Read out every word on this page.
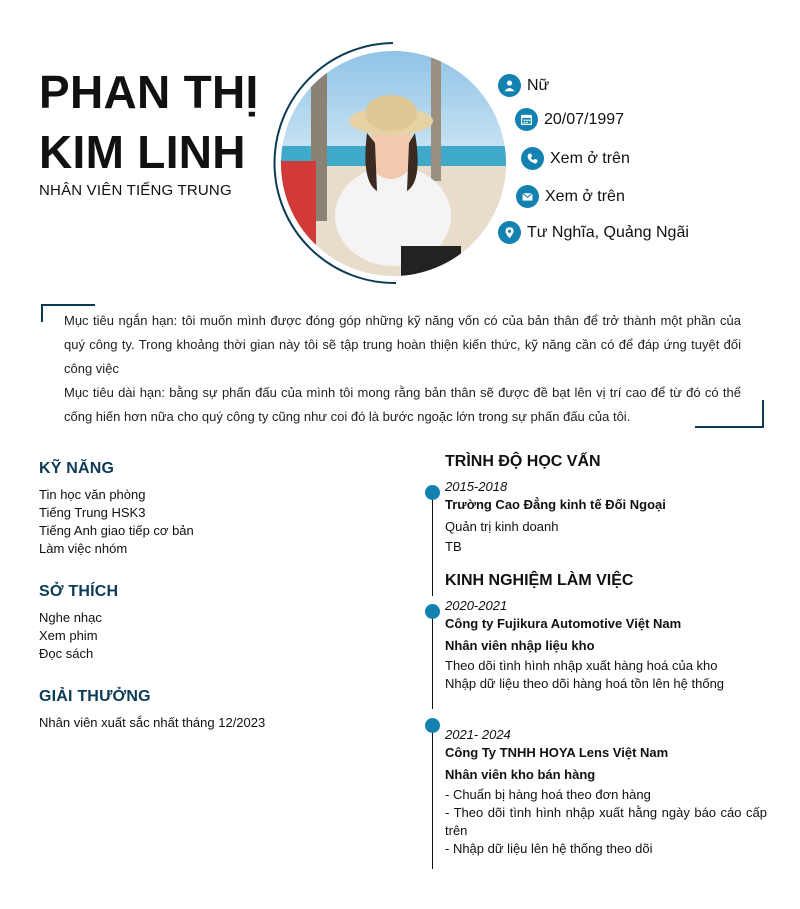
PHAN THỊ
KIM LINH
NHÂN VIÊN TIẾNG TRUNG
Nữ
20/07/1997
Xem ở trên
Xem ở trên
Tư Nghĩa, Quảng Ngãi

Mục tiêu ngắn hạn: tôi muốn mình được đóng góp những kỹ năng vốn có của bản thân để trở thành một phần của quý công ty. Trong khoảng thời gian này tôi sẽ tập trung hoàn thiện kiến thức, kỹ năng cần có để đáp ứng tuyệt đối công việc

Mục tiêu dài hạn: bằng sự phấn đấu của mình tôi mong rằng bản thân sẽ được đề bạt lên vị trí cao để từ đó có thể cống hiến hơn nữa cho quý công ty cũng như coi đó là bước ngoặc lớn trong sự phấn đấu của tôi.

KỸ NĂNG
Tin học văn phòng
Tiếng Trung HSK3
Tiếng Anh giao tiếp cơ bản
Làm việc nhóm
SỞ THÍCH
Nghe nhạc
Xem phim
Đọc sách
GIẢI THƯỞNG
Nhân viên xuất sắc nhất tháng 12/2023
TRÌNH ĐỘ HỌC VẤN
2015-2018
Trường Cao Đẳng kinh tế Đối Ngoại
Quản trị kinh doanh
TB
KINH NGHIỆM LÀM VIỆC
2020-2021
Công ty Fujikura Automotive Việt Nam
Nhân viên nhập liệu kho
Theo dõi tình hình nhập xuất hàng hoá của kho
Nhập dữ liệu theo dõi hàng hoá tồn lên hệ thống
2021- 2024
Công Ty TNHH HOYA Lens Việt Nam
Nhân viên kho bán hàng
- Chuẩn bị hàng hoá theo đơn hàng
- Theo dõi tình hình nhập xuất hằng ngày báo cáo cấp trên
- Nhập dữ liệu lên hệ thống theo dõi
